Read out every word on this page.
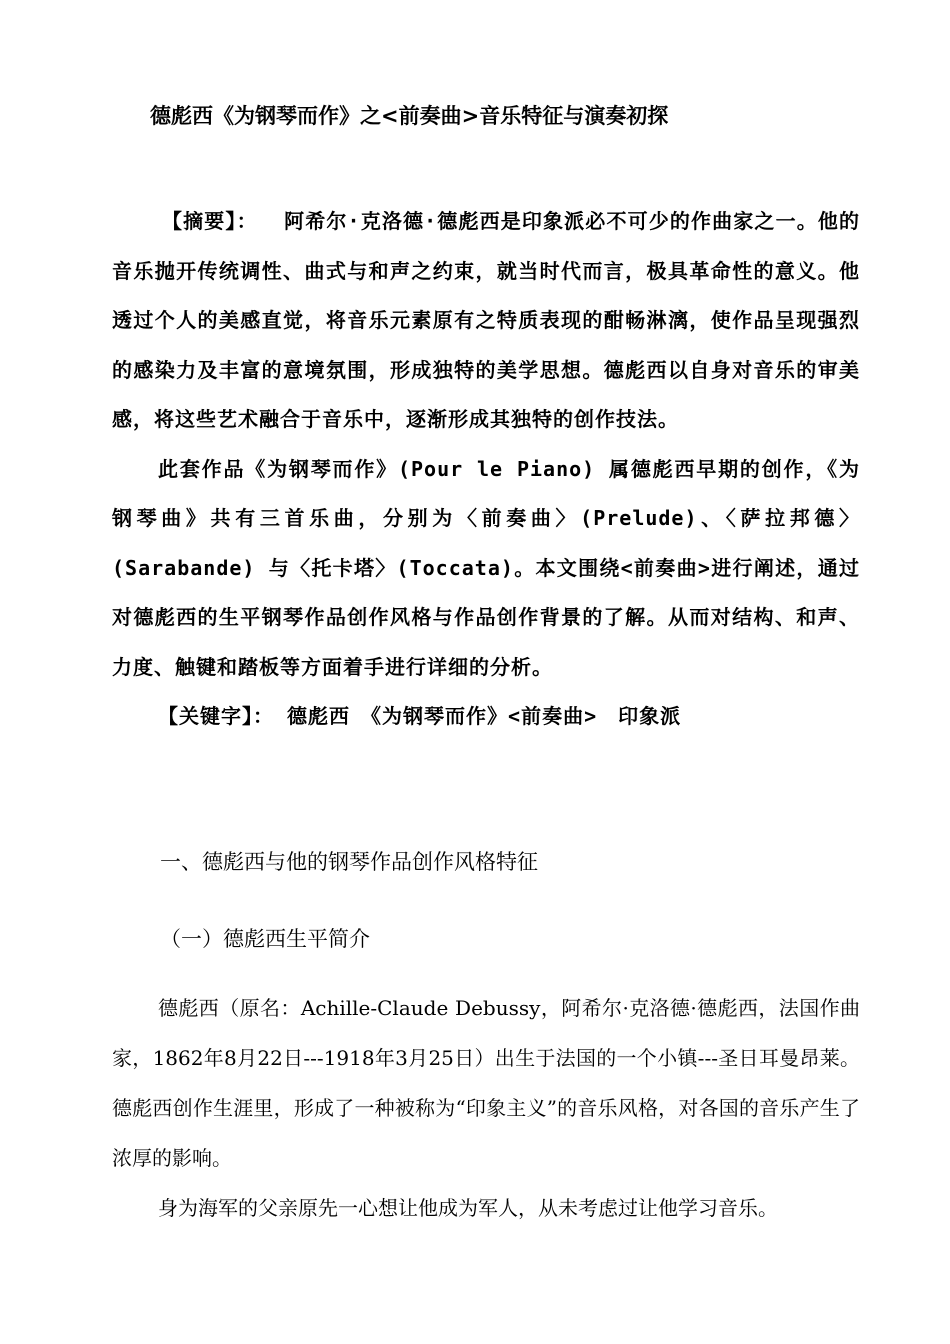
德彪西《为钢琴而作》之<前奏曲>音乐特征与演奏初探

【摘要】： 阿希尔·克洛德·德彪西是印象派必不可少的作曲家之一。他的音乐抛开传统调性、曲式与和声之约束，就当时代而言，极具革命性的意义。他透过个人的美感直觉，将音乐元素原有之特质表现的酣畅淋漓，使作品呈现强烈的感染力及丰富的意境氛围，形成独特的美学思想。德彪西以自身对音乐的审美感，将这些艺术融合于音乐中，逐渐形成其独特的创作技法。

此套作品《为钢琴而作》(Pour le Piano) 属德彪西早期的创作，《为钢琴曲》共有三首乐曲，分别为〈前奏曲〉(Prelude)、〈萨拉邦德〉(Sarabande) 与〈托卡塔〉(Toccata)。本文围绕<前奏曲>进行阐述，通过对德彪西的生平钢琴作品创作风格与作品创作背景的了解。从而对结构、和声、力度、触键和踏板等方面着手进行详细的分析。

【关键字】： 德彪西　《为钢琴而作》<前奏曲>　印象派

一、德彪西与他的钢琴作品创作风格特征
（一）德彪西生平简介

德彪西（原名：Achille-Claude Debussy，阿希尔·克洛德·德彪西，法国作曲家，1862年8月22日---1918年3月25日）出生于法国的一个小镇---圣日耳曼昂莱。德彪西创作生涯里，形成了一种被称为“印象主义”的音乐风格，对各国的音乐产生了浓厚的影响。

身为海军的父亲原先一心想让他成为军人，从未考虑过让他学习音乐。
